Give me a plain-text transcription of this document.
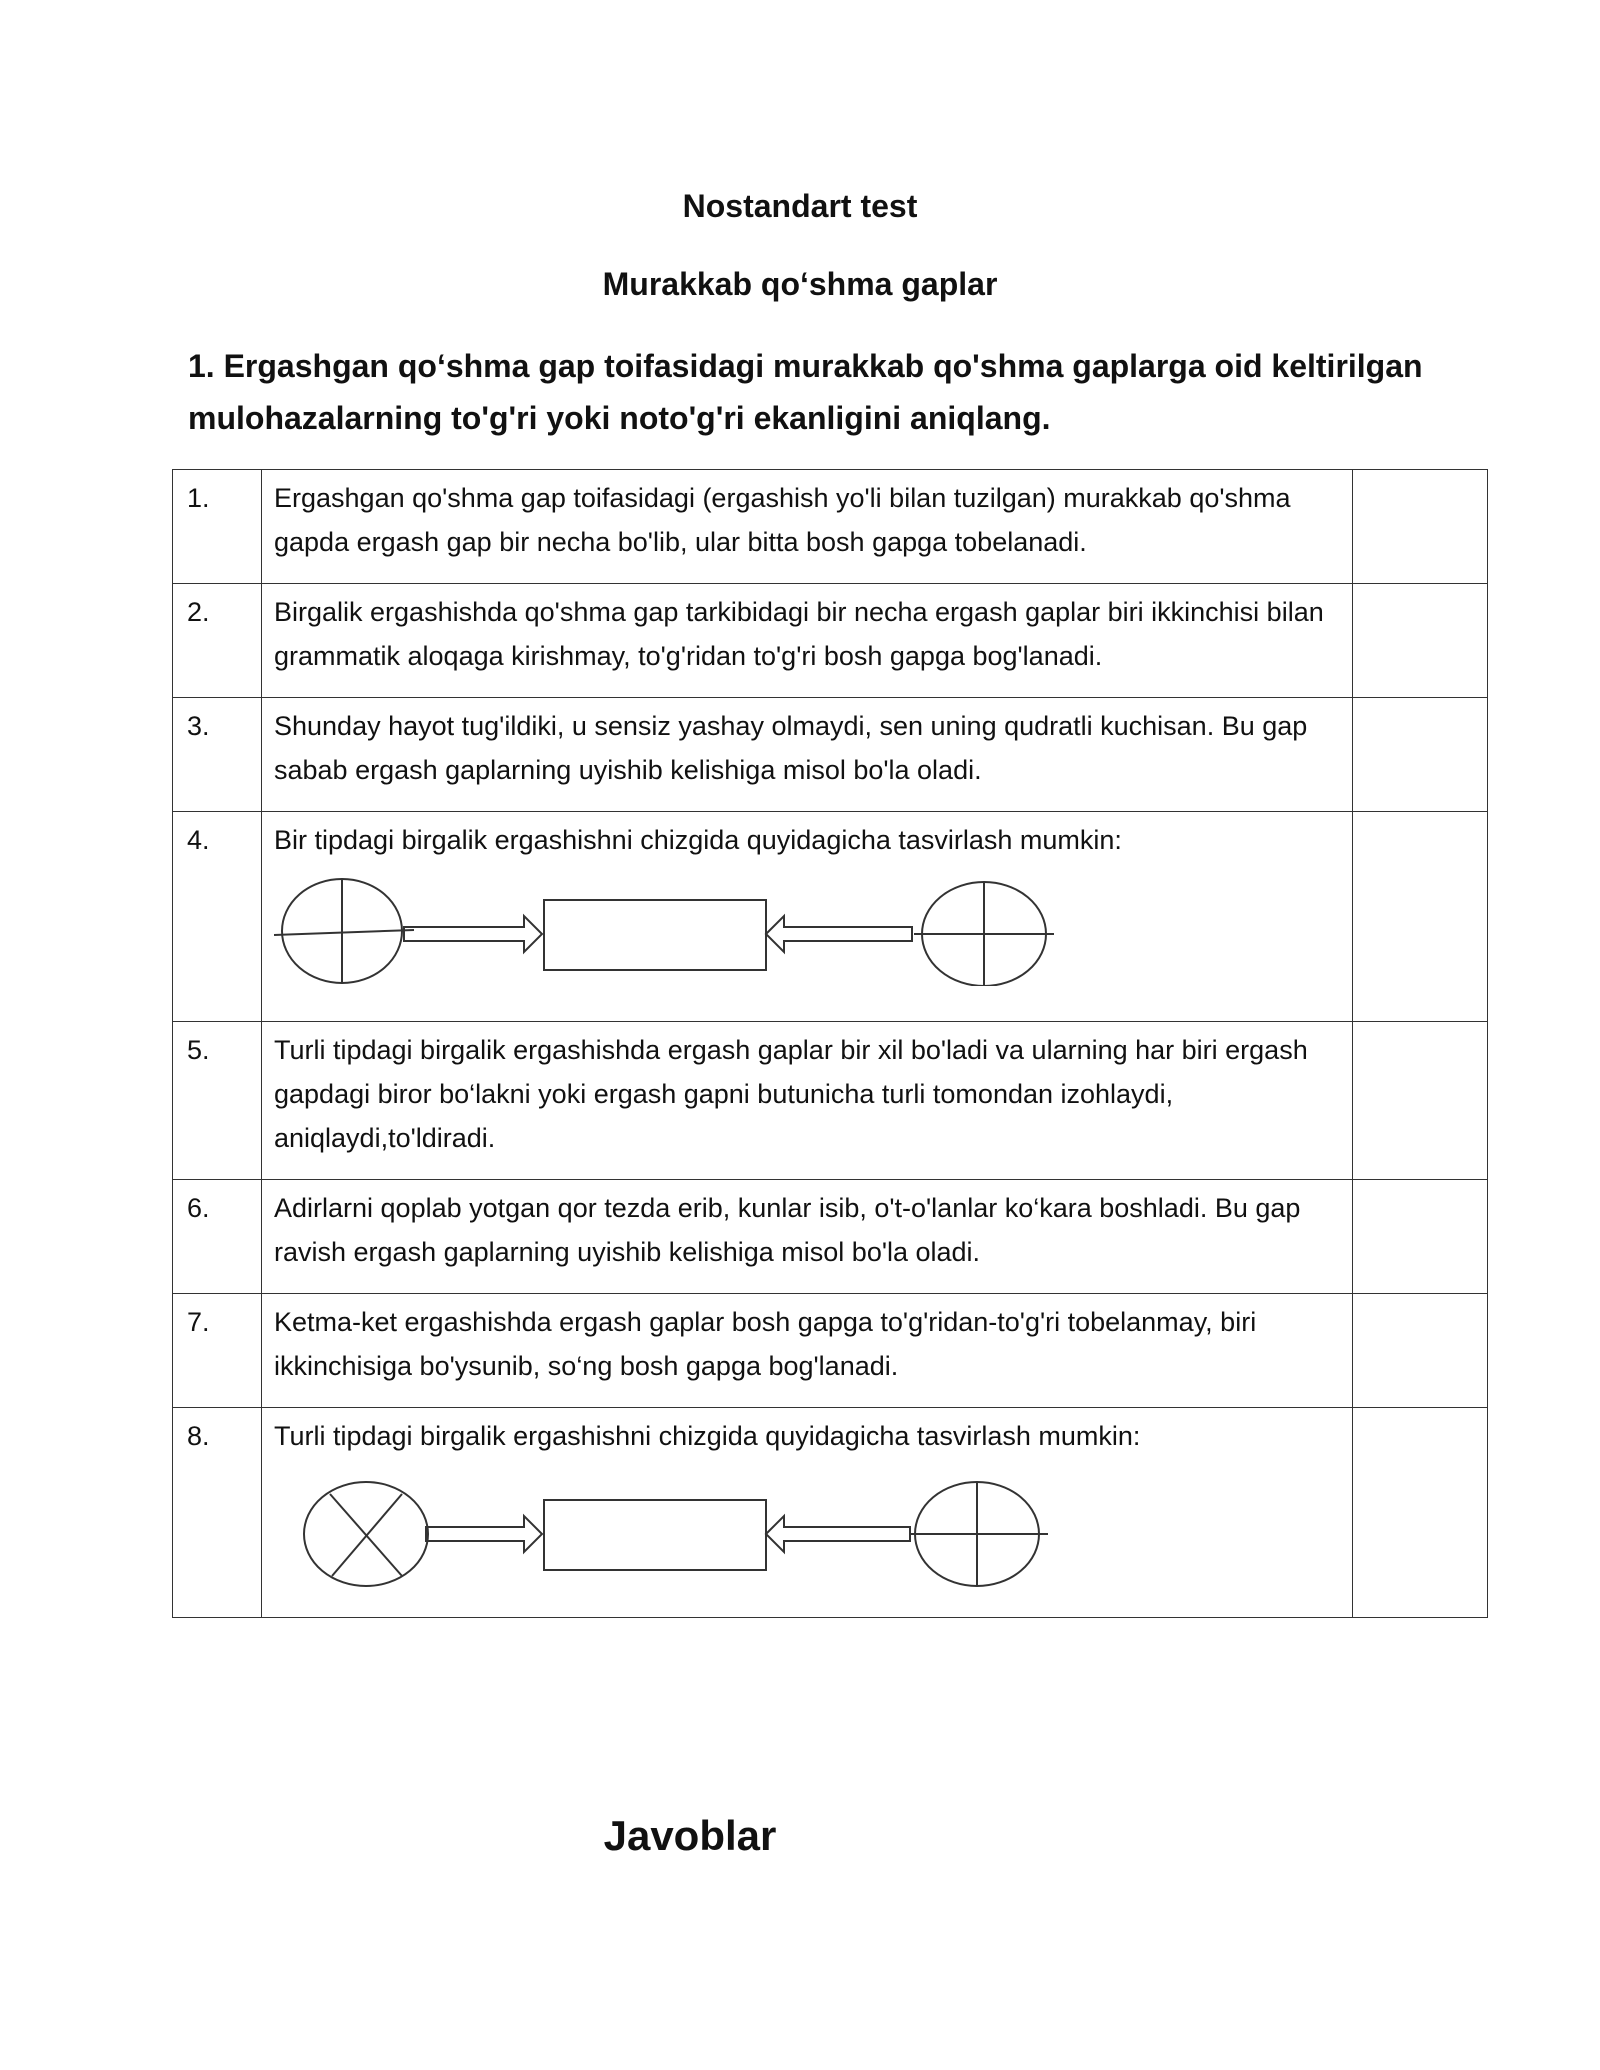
Nostandart test
Murakkab qo‘shma gaplar

1. Ergashgan qo‘shma gap toifasidagi murakkab qo'shma gaplarga oid keltirilgan mulohazalarning to'g'ri yoki noto'g'ri ekanligini aniqlang.

1.	Ergashgan qo'shma gap toifasidagi (ergashish yo'li bilan tuzilgan) murakkab qo'shma gapda ergash gap bir necha bo'lib, ular bitta bosh gapga tobelanadi.	
2.	Birgalik ergashishda qo'shma gap tarkibidagi bir necha ergash gaplar biri ikkinchisi bilan grammatik aloqaga kirishmay, to'g'ridan to'g'ri bosh gapga bog'lanadi.	
3.	Shunday hayot tug'ildiki, u sensiz yashay olmaydi, sen uning qudratli kuchisan. Bu gap sabab ergash gaplarning uyishib kelishiga misol bo'la oladi.	
4.	Bir tipdagi birgalik ergashishni chizgida quyidagicha tasvirlash mumkin:	

5.	Turli tipdagi birgalik ergashishda ergash gaplar bir xil bo'ladi va ularning har biri ergash gapdagi biror bo‘lakni yoki ergash gapni butunicha turli tomondan izohlaydi, aniqlaydi,to'ldiradi.	
6.	Adirlarni qoplab yotgan qor tezda erib, kunlar isib, o't-o'lanlar ko‘kara boshladi. Bu gap ravish ergash gaplarning uyishib kelishiga misol bo'la oladi.	
7.	Ketma-ket ergashishda ergash gaplar bosh gapga to'g'ridan-to'g'ri tobelanmay, biri ikkinchisiga bo'ysunib, so‘ng bosh gapga bog'lanadi.	
8.	Turli tipdagi birgalik ergashishni chizgida quyidagicha tasvirlash mumkin:	

Javoblar
